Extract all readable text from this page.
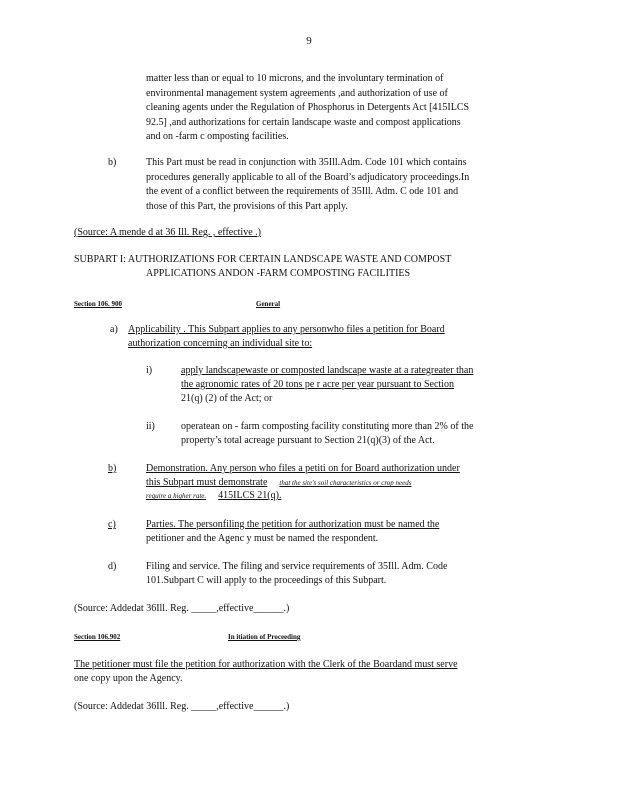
9
matter less than or equal to 10 microns, and the involuntary termination of
environmental management system agreements ,and authorization of use of
cleaning agents under the Regulation of Phosphorus in Detergents Act [415ILCS
92.5] ,and authorizations for certain landscape waste and compost applications
and on -farm c omposting facilities.
b)	This Part must be read in conjunction with 35Ill.Adm. Code 101 which contains
procedures generally applicable to all of the Board’s adjudicatory proceedings.In
the event of a conflict between the requirements of 35Ill. Adm. C ode 101 and
those of this Part, the provisions of this Part apply.
(Source: A mende d at 36 Ill. Reg. , effective .)
SUBPART I: AUTHORIZATIONS FOR CERTAIN LANDSCAPE WASTE AND COMPOST
APPLICATIONS ANDON -FARM COMPOSTING FACILITIES
Section 106. 900	General
a) Applicability . This Subpart applies to any personwho files a petition for Board
authorization concerning an individual site to:
i)	apply landscapewaste or composted landscape waste at a rategreater than
the agronomic rates of 20 tons pe r acre per year pursuant to Section
21(q) (2) of the Act; or
ii)	operatean on - farm composting facility constituting more than 2% of the
property’s total acreage pursuant to Section 21(q)(3) of the Act.
b)	Demonstration. Any person who files a petiti on for Board authorization under
this Subpart must demonstrate that the site's soil characteristics or crop needs
require a higher rate. 415ILCS 21(q).
c)	Parties. The personfiling the petition for authorization must be named the
petitioner and the Agenc y must be named the respondent.
d)	Filing and service. The filing and service requirements of 35Ill. Adm. Code
101.Subpart C will apply to the proceedings of this Subpart.
(Source: Addedat 36Ill. Reg. _____,effective______.)
Section 106.902	In itiation of Proceeding
The petitioner must file the petition for authorization with the Clerk of the Boardand must serve
one copy upon the Agency.
(Source: Addedat 36Ill. Reg. _____,effective______.)
